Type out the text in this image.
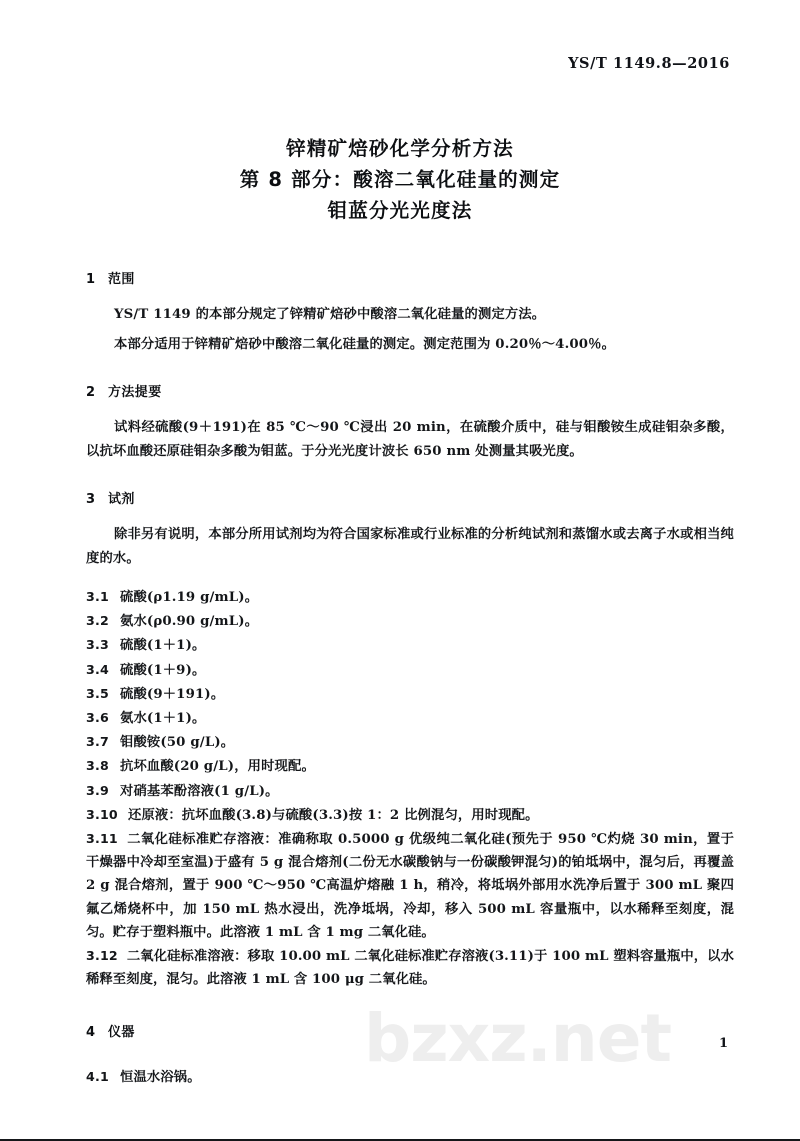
bzxz.net
YS/T 1149.8—2016
锌精矿焙砂化学分析方法
第 8 部分：酸溶二氧化硅量的测定
钼蓝分光光度法
1 范围

YS/T 1149 的本部分规定了锌精矿焙砂中酸溶二氧化硅量的测定方法。

本部分适用于锌精矿焙砂中酸溶二氧化硅量的测定。测定范围为 0.20％～4.00％。

2 方法提要

试料经硫酸(9＋191)在 85 ℃～90 ℃浸出 20 min，在硫酸介质中，硅与钼酸铵生成硅钼杂多酸，以抗坏血酸还原硅钼杂多酸为钼蓝。于分光光度计波长 650 nm 处测量其吸光度。

3 试剂

除非另有说明，本部分所用试剂均为符合国家标准或行业标准的分析纯试剂和蒸馏水或去离子水或相当纯度的水。

3.1 硫酸(ρ1.19 g/mL)。

3.2 氨水(ρ0.90 g/mL)。

3.3 硫酸(1＋1)。

3.4 硫酸(1＋9)。

3.5 硫酸(9＋191)。

3.6 氨水(1＋1)。

3.7 钼酸铵(50 g/L)。

3.8 抗坏血酸(20 g/L)，用时现配。

3.9 对硝基苯酚溶液(1 g/L)。

3.10 还原液：抗坏血酸(3.8)与硫酸(3.3)按 1：2 比例混匀，用时现配。

3.11 二氧化硅标准贮存溶液：准确称取 0.5000 g 优级纯二氧化硅(预先于 950 ℃灼烧 30 min，置于干燥器中冷却至室温)于盛有 5 g 混合熔剂(二份无水碳酸钠与一份碳酸钾混匀)的铂坻埚中，混匀后，再覆盖 2 g 混合熔剂，置于 900 ℃～950 ℃高温炉熔融 1 h，稍冷，将坻埚外部用水洗净后置于 300 mL 聚四氟乙烯烧杯中，加 150 mL 热水浸出，洗净坻埚，冷却，移入 500 mL 容量瓶中，以水稀释至刻度，混匀。贮存于塑料瓶中。此溶液 1 mL 含 1 mg 二氧化硅。

3.12 二氧化硅标准溶液：移取 10.00 mL 二氧化硅标准贮存溶液(3.11)于 100 mL 塑料容量瓶中，以水稀释至刻度，混匀。此溶液 1 mL 含 100 μg 二氧化硅。

4 仪器

4.1 恒温水浴锅。

1
